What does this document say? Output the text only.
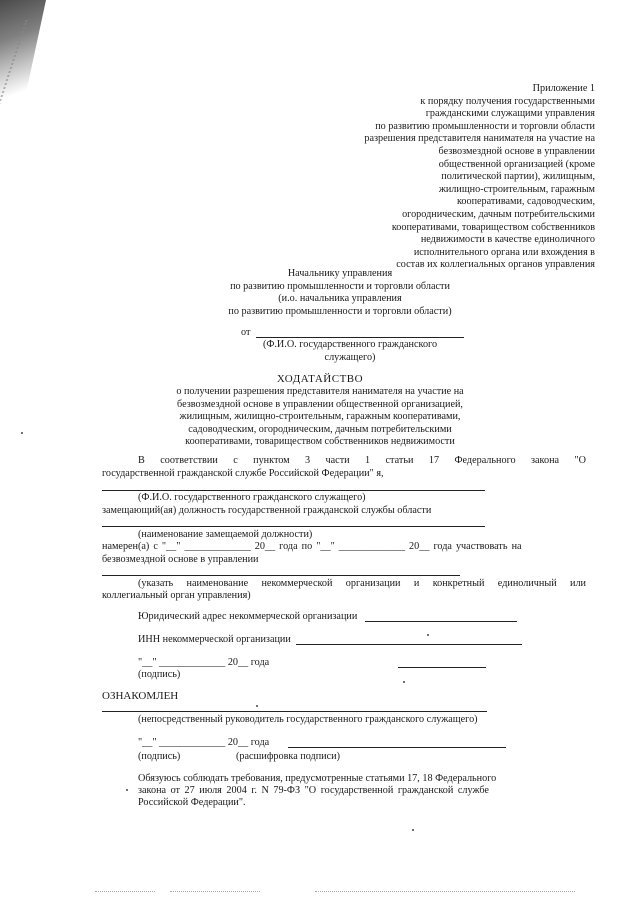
Приложение 1
к порядку получения государственными
гражданскими служащими управления
по развитию промышленности и торговли области
разрешения представителя нанимателя на участие на
безвозмездной основе в управлении
общественной организацией (кроме
политической партии), жилищным,
жилищно-строительным, гаражным
кооперативами, садоводческим,
огородническим, дачным потребительскими
кооперативами, товариществом собственников
недвижимости в качестве единоличного
исполнительного органа или вхождения в
состав их коллегиальных органов управления
Начальнику управления
по развитию промышленности и торговли области
(и.о. начальника управления
по развитию промышленности и торговли области)
от
(Ф.И.О. государственного гражданского
служащего)
ХОДАТАЙСТВО
о получении разрешения представителя нанимателя на участие на
безвозмездной основе в управлении общественной организацией,
жилищным, жилищно-строительным, гаражным кооперативами,
садоводческим, огородническим, дачным потребительскими
кооперативами, товариществом собственников недвижимости
В соответствии с пунктом 3 части 1 статьи 17 Федерального закона "О
государственной гражданской службе Российской Федерации" я,
(Ф.И.О. государственного гражданского служащего)
замещающий(ая) должность государственной гражданской службы области
(наименование замещаемой должности)
намерен(а) с "__" _____________ 20__ года по "__" _____________ 20__ года участвовать на
безвозмездной основе в управлении
(указать наименование некоммерческой организации и конкретный единоличный или
коллегиальный орган управления)
Юридический адрес некоммерческой организации
ИНН некоммерческой организации
"__" _____________ 20__ года
(подпись)
ОЗНАКОМЛЕН
(непосредственный руководитель государственного гражданского служащего)
"__" _____________ 20__ года
(подпись)	(расшифровка подписи)
Обязуюсь соблюдать требования, предусмотренные статьями 17, 18 Федерального
закона от 27 июля 2004 г. N 79-ФЗ "О государственной гражданской службе
Российской Федерации".
